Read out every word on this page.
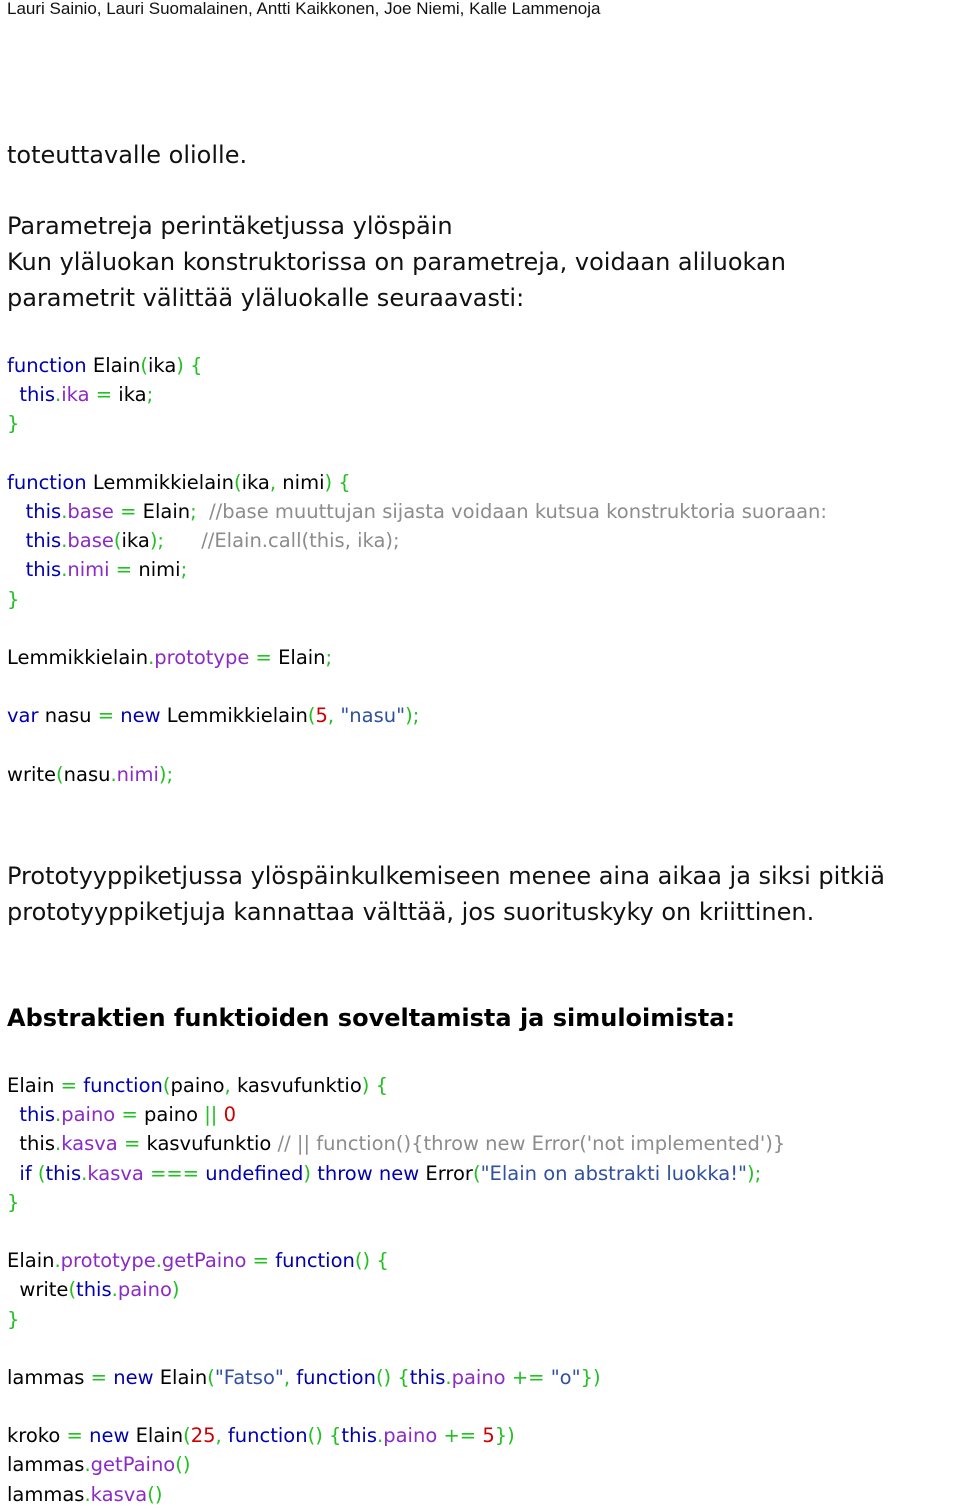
Lauri Sainio, Lauri Suomalainen, Antti Kaikkonen, Joe Niemi, Kalle Lammenoja
toteuttavalle oliolle.
Parametreja perintäketjussa ylöspäin
Kun yläluokan konstruktorissa on parametreja, voidaan aliluokan
parametrit välittää yläluokalle seuraavasti:
function Elain(ika) {
this.ika = ika;
}

function Lemmikkielain(ika, nimi) {
this.base = Elain;  //base muuttujan sijasta voidaan kutsua konstruktoria suoraan:
this.base(ika);      //Elain.call(this, ika);
this.nimi = nimi;
}

Lemmikkielain.prototype = Elain;

var nasu = new Lemmikkielain(5, "nasu");

write(nasu.nimi);
Prototyyppiketjussa ylöspäinkulkemiseen menee aina aikaa ja siksi pitkiä
prototyyppiketjuja kannattaa välttää, jos suorituskyky on kriittinen.
Abstraktien funktioiden soveltamista ja simuloimista:
Elain = function(paino, kasvufunktio) {
this.paino = paino || 0
this.kasva = kasvufunktio // || function(){throw new Error('not implemented')}
if (this.kasva === undefined) throw new Error("Elain on abstrakti luokka!");
}

Elain.prototype.getPaino = function() {
write(this.paino)
}

lammas = new Elain("Fatso", function() {this.paino += "o"})

kroko = new Elain(25, function() {this.paino += 5})
lammas.getPaino()
lammas.kasva()
